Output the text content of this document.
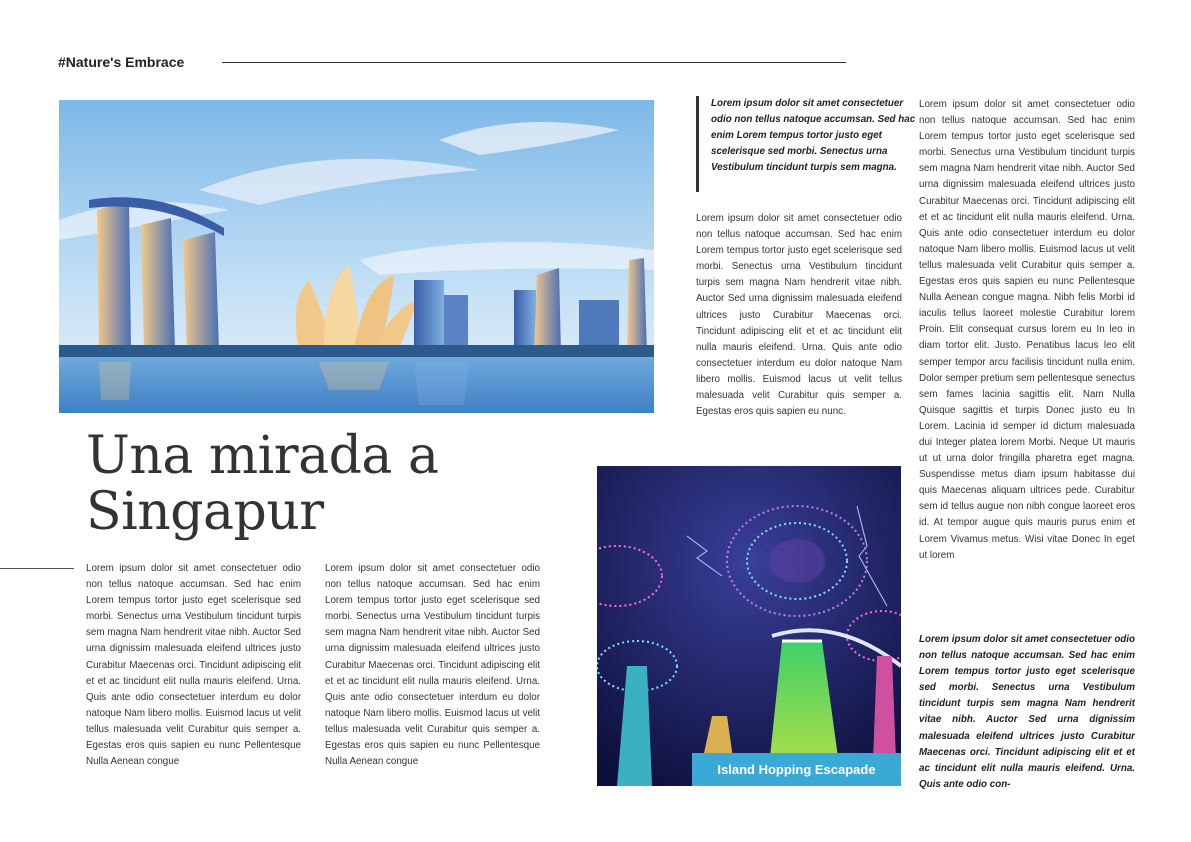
#Nature's Embrace
Una mirada a
Singapur

Lorem ipsum dolor sit amet consectetuer odio non tellus natoque accumsan. Sed hac enim Lorem tempus tortor justo eget scelerisque sed morbi. Senectus urna Vestibulum tincidunt turpis sem magna Nam hendrerit vitae nibh. Auctor Sed urna dignissim malesuada eleifend ultrices justo Curabitur Maecenas orci. Tincidunt adipiscing elit et et ac tincidunt elit nulla mauris eleifend. Urna. Quis ante odio consectetuer interdum eu dolor natoque Nam libero mollis. Euismod lacus ut velit tellus malesuada velit Curabitur quis semper a. Egestas eros quis sapien eu nunc Pellentesque Nulla Aenean congue

Lorem ipsum dolor sit amet consectetuer odio non tellus natoque accumsan. Sed hac enim Lorem tempus tortor justo eget scelerisque sed morbi. Senectus urna Vestibulum tincidunt turpis sem magna Nam hendrerit vitae nibh. Auctor Sed urna dignissim malesuada eleifend ultrices justo Curabitur Maecenas orci. Tincidunt adipiscing elit et et ac tincidunt elit nulla mauris eleifend. Urna. Quis ante odio consectetuer interdum eu dolor natoque Nam libero mollis. Euismod lacus ut velit tellus malesuada velit Curabitur quis semper a. Egestas eros quis sapien eu nunc Pellentesque Nulla Aenean congue

Lorem ipsum dolor sit amet consectetuer odio non tellus natoque accumsan. Sed hac enim Lorem tempus tortor justo eget scelerisque sed morbi. Senectus urna Vestibulum tincidunt turpis sem magna.

Lorem ipsum dolor sit amet consectetuer odio non tellus natoque accumsan. Sed hac enim Lorem tempus tortor justo eget scelerisque sed morbi. Senectus urna Vestibulum tincidunt turpis sem magna Nam hendrerit vitae nibh. Auctor Sed urna dignissim malesuada eleifend ultrices justo Curabitur Maecenas orci. Tincidunt adipiscing elit et et ac tincidunt elit nulla mauris eleifend. Urna. Quis ante odio consectetuer interdum eu dolor natoque Nam libero mollis. Euismod lacus ut velit tellus malesuada velit Curabitur quis semper a. Egestas eros quis sapien eu nunc.

Lorem ipsum dolor sit amet consectetuer odio non tellus natoque accumsan. Sed hac enim Lorem tempus tortor justo eget scelerisque sed morbi. Senectus urna Vestibulum tincidunt turpis sem magna Nam hendrerit vitae nibh. Auctor Sed urna dignissim malesuada eleifend ultrices justo Curabitur Maecenas orci. Tincidunt adipiscing elit et et ac tincidunt elit nulla mauris eleifend. Urna. Quis ante odio consectetuer interdum eu dolor natoque Nam libero mollis. Euismod lacus ut velit tellus malesuada velit Curabitur quis semper a. Egestas eros quis sapien eu nunc Pellentesque Nulla Aenean congue magna. Nibh felis Morbi id iaculis tellus laoreet molestie Curabitur lorem Proin. Elit consequat cursus lorem eu In leo in diam tortor elit. Justo. Penatibus lacus leo elit semper tempor arcu facilisis tincidunt nulla enim. Dolor semper pretium sem pellentesque senectus sem fames lacinia sagittis elit. Nam Nulla Quisque sagittis et turpis Donec justo eu In Lorem. Lacinia id semper id dictum malesuada dui Integer platea lorem Morbi. Neque Ut mauris ut ut urna dolor fringilla pharetra eget magna. Suspendisse metus diam ipsum habitasse dui quis Maecenas aliquam ultrices pede. Curabitur sem id tellus augue non nibh congue laoreet eros id. At tempor augue quis mauris purus enim et Lorem Vivamus metus. Wisi vitae Donec In eget ut lorem

Lorem ipsum dolor sit amet consectetuer odio non tellus natoque accumsan. Sed hac enim Lorem tempus tortor justo eget scelerisque sed morbi. Senectus urna Vestibulum tincidunt turpis sem magna Nam hendrerit vitae nibh. Auctor Sed urna dignissim malesuada eleifend ultrices justo Curabitur Maecenas orci. Tincidunt adipiscing elit et et ac tincidunt elit nulla mauris eleifend. Urna. Quis ante odio con-

Island Hopping Escapade
